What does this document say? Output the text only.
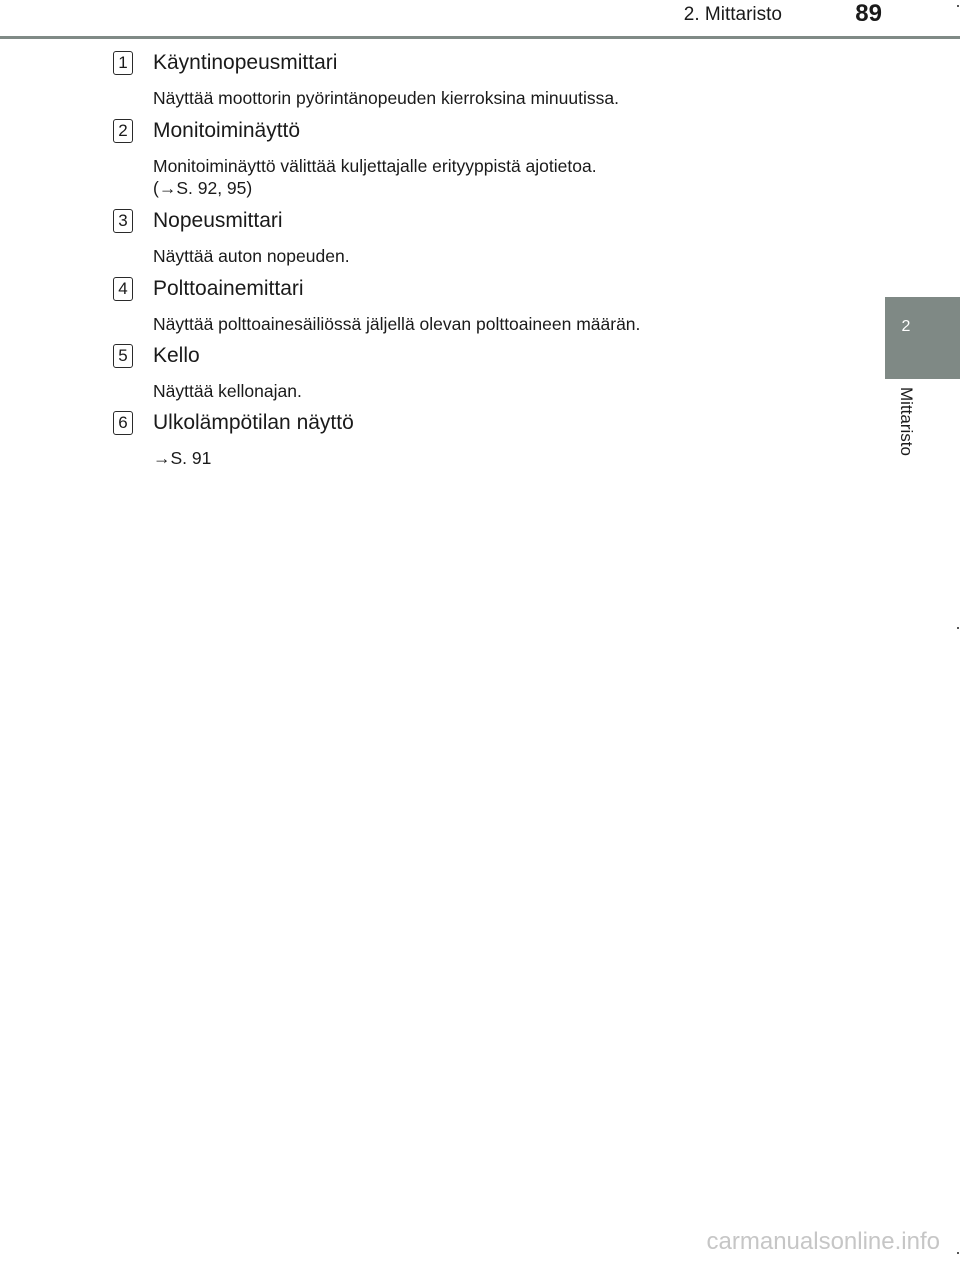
2. Mittaristo	89
2
Mittaristo
1 Käyntinopeusmittari
Näyttää moottorin pyörintänopeuden kierroksina minuutissa.
2 Monitoiminäyttö
Monitoiminäyttö välittää kuljettajalle erityyppistä ajotietoa.
(→S. 92, 95)
3 Nopeusmittari
Näyttää auton nopeuden.
4 Polttoainemittari
Näyttää polttoainesäiliössä jäljellä olevan polttoaineen määrän.
5 Kello
Näyttää kellonajan.
6 Ulkolämpötilan näyttö
→S. 91
carmanualsonline.info
